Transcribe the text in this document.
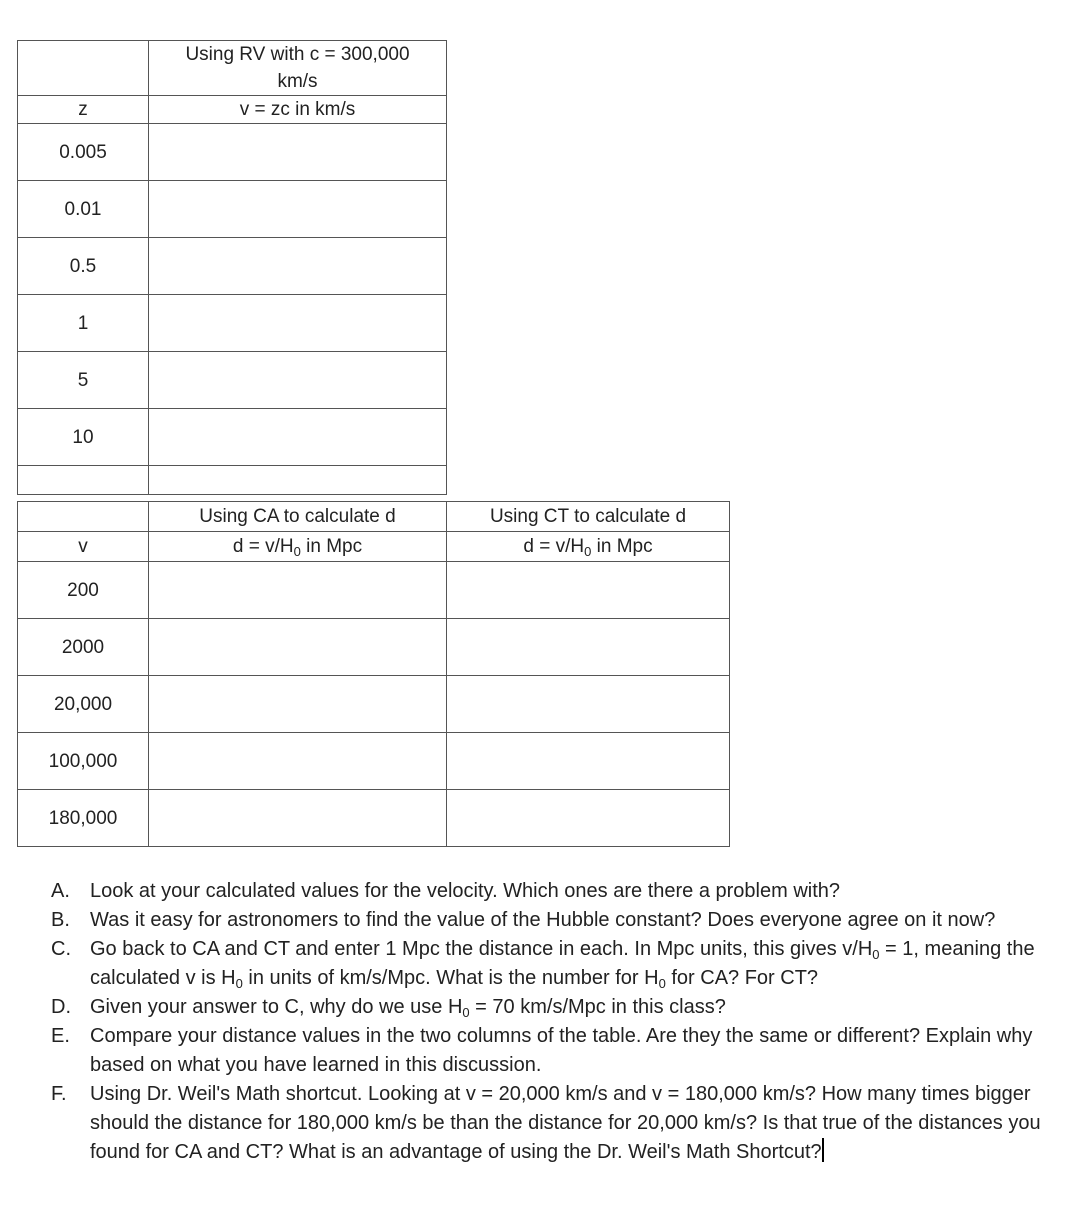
	Using RV with c = 300,000
km/s

z	v = zc in km/s
0.005	
0.01	
0.5	
1	
5	
10	

	Using CA to calculate d	Using CT to calculate d
v	$d = v/H_0$ in Mpc	$d = v/H_0$ in Mpc
200		
2000		
20,000		
100,000		
180,000		
A. Look at your calculated values for the velocity. Which ones are there a problem with?
B. Was it easy for astronomers to find the value of the Hubble constant? Does everyone agree on it now?
C. Go back to CA and CT and enter 1 Mpc the distance in each. In Mpc units, this gives $v/H_0 = 1$, meaning the calculated v is $H_0$ in units of km/s/Mpc. What is the number for $H_0$ for CA? For CT?
D. Given your answer to C, why do we use $H_0 = 70$ km/s/Mpc in this class?
E. Compare your distance values in the two columns of the table. Are they the same or different? Explain why based on what you have learned in this discussion.
F. Using Dr. Weil's Math shortcut. Looking at v = 20,000 km/s and v = 180,000 km/s? How many times bigger should the distance for 180,000 km/s be than the distance for 20,000 km/s? Is that true of the distances you found for CA and CT? What is an advantage of using the Dr. Weil's Math Shortcut?
